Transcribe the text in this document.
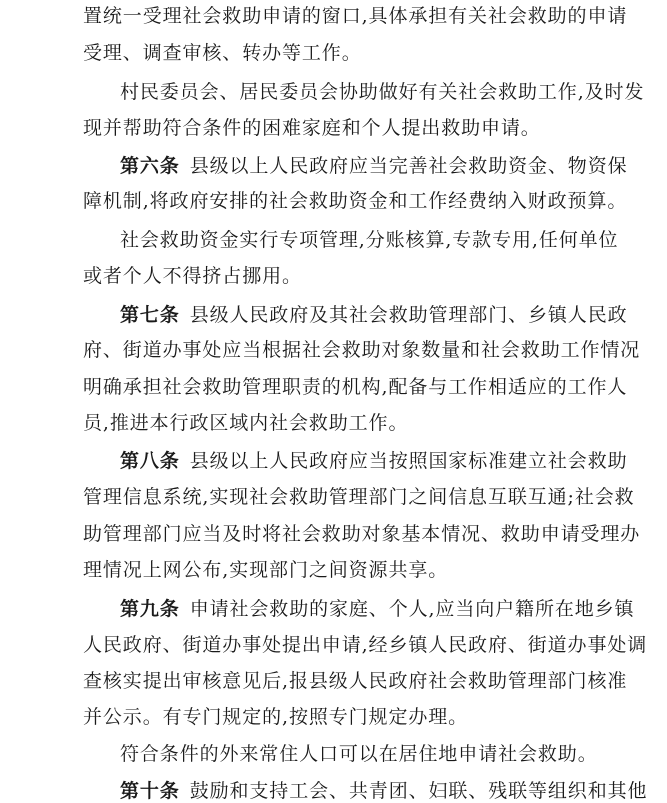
置统一受理社会救助申请的窗口,具体承担有关社会救助的申请
受理、调查审核、转办等工作。
村民委员会、居民委员会协助做好有关社会救助工作,及时发
现并帮助符合条件的困难家庭和个人提出救助申请。
第六条 县级以上人民政府应当完善社会救助资金、物资保
障机制,将政府安排的社会救助资金和工作经费纳入财政预算。
社会救助资金实行专项管理,分账核算,专款专用,任何单位
或者个人不得挤占挪用。
第七条 县级人民政府及其社会救助管理部门、乡镇人民政
府、街道办事处应当根据社会救助对象数量和社会救助工作情况
明确承担社会救助管理职责的机构,配备与工作相适应的工作人
员,推进本行政区域内社会救助工作。
第八条 县级以上人民政府应当按照国家标准建立社会救助
管理信息系统,实现社会救助管理部门之间信息互联互通;社会救
助管理部门应当及时将社会救助对象基本情况、救助申请受理办
理情况上网公布,实现部门之间资源共享。
第九条 申请社会救助的家庭、个人,应当向户籍所在地乡镇
人民政府、街道办事处提出申请,经乡镇人民政府、街道办事处调
查核实提出审核意见后,报县级人民政府社会救助管理部门核准
并公示。有专门规定的,按照专门规定办理。
符合条件的外来常住人口可以在居住地申请社会救助。
第十条 鼓励和支持工会、共青团、妇联、残联等组织和其他
